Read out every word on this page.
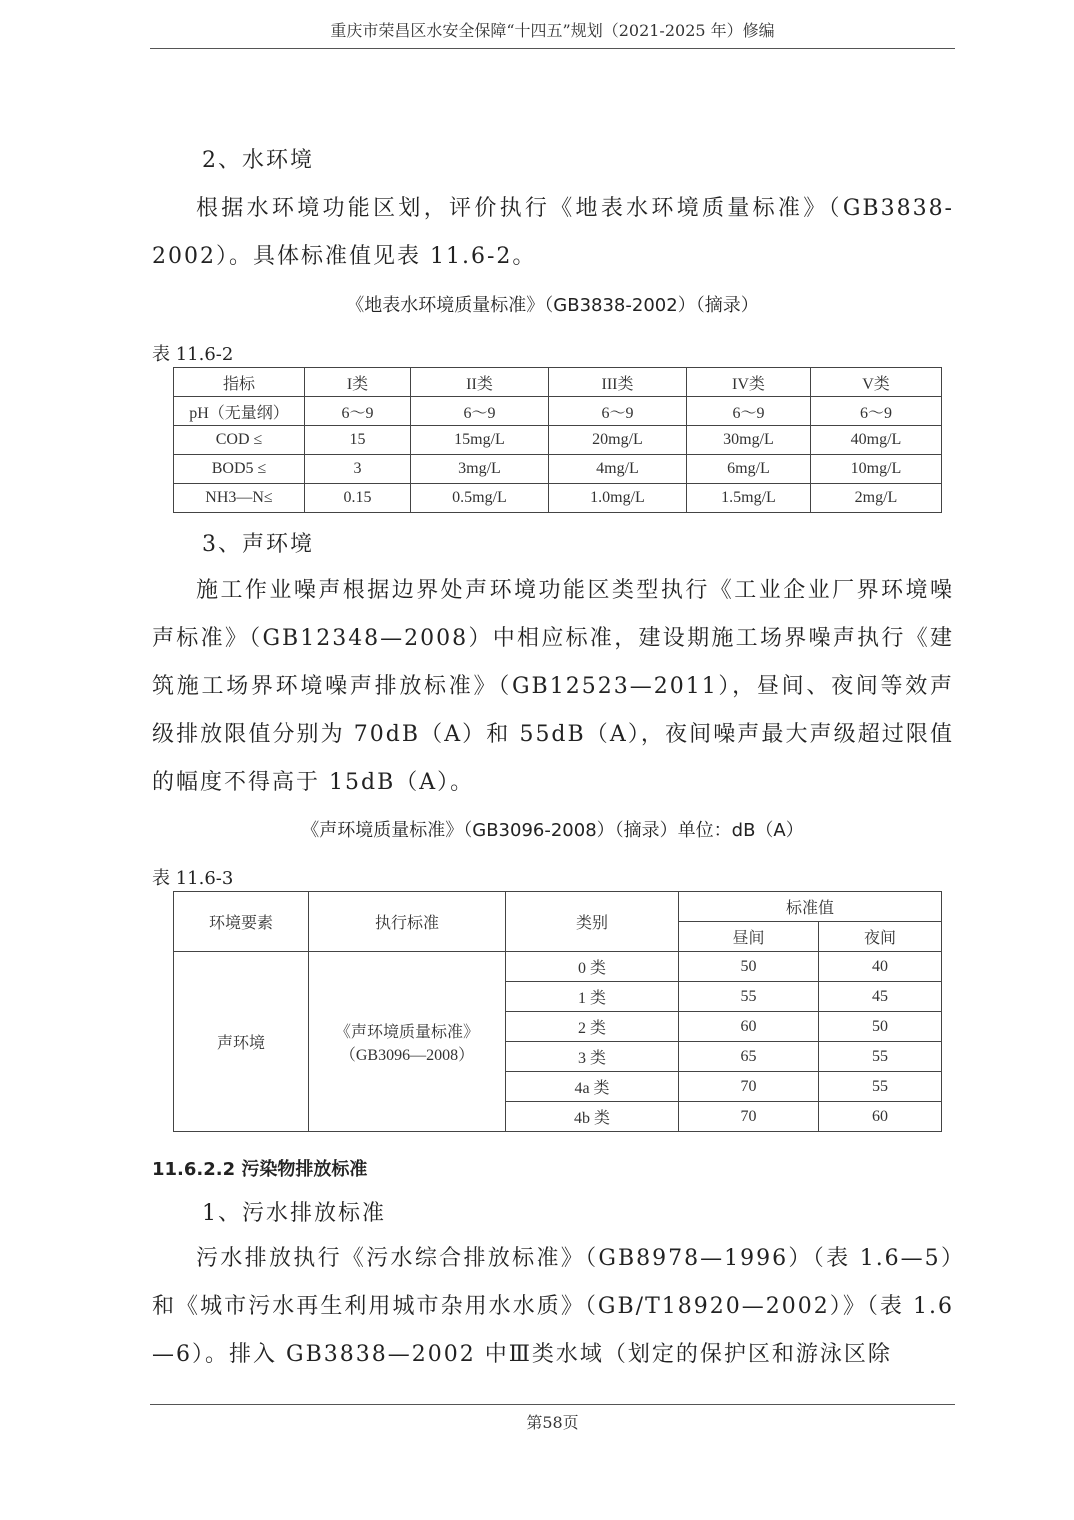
重庆市荣昌区水安全保障“十四五”规划（2021-2025 年）修编

2、水环境

根据水环境功能区划，评价执行《地表水环境质量标准》（GB3838-2002）。具体标准值见表 11.6-2。

《地表水环境质量标准》（GB3838-2002）（摘录）
表 11.6-2
指标	I类	II类	III类	IV类	V类
pH（无量纲）	6～9	6～9	6～9	6～9	6～9
COD ≤	15	15mg/L	20mg/L	30mg/L	40mg/L
BOD5 ≤	3	3mg/L	4mg/L	6mg/L	10mg/L
NH3—N≤	0.15	0.5mg/L	1.0mg/L	1.5mg/L	2mg/L

3、声环境

施工作业噪声根据边界处声环境功能区类型执行《工业企业厂界环境噪声标准》（GB12348—2008）中相应标准，建设期施工场界噪声执行《建筑施工场界环境噪声排放标准》（GB12523—2011），昼间、夜间等效声级排放限值分别为 70dB（A）和 55dB（A），夜间噪声最大声级超过限值的幅度不得高于 15dB（A）。

《声环境质量标准》（GB3096-2008）（摘录）单位：dB（A）
表 11.6-3
环境要素	执行标准	类别	标准值	
			昼间	夜间
声环境	《声环境质量标准》
（GB3096—2008）	0 类	50	40
		1 类	55	45
		2 类	60	50
		3 类	65	55
		4a 类	70	55
		4b 类	70	60
11.6.2.2 污染物排放标准

1、污水排放标准

污水排放执行《污水综合排放标准》（GB8978—1996）（表 1.6—5）和《城市污水再生利用城市杂用水水质》（GB/T18920—2002）》（表 1.6—6）。排入 GB3838—2002 中Ⅲ类水域（划定的保护区和游泳区除

第58页
